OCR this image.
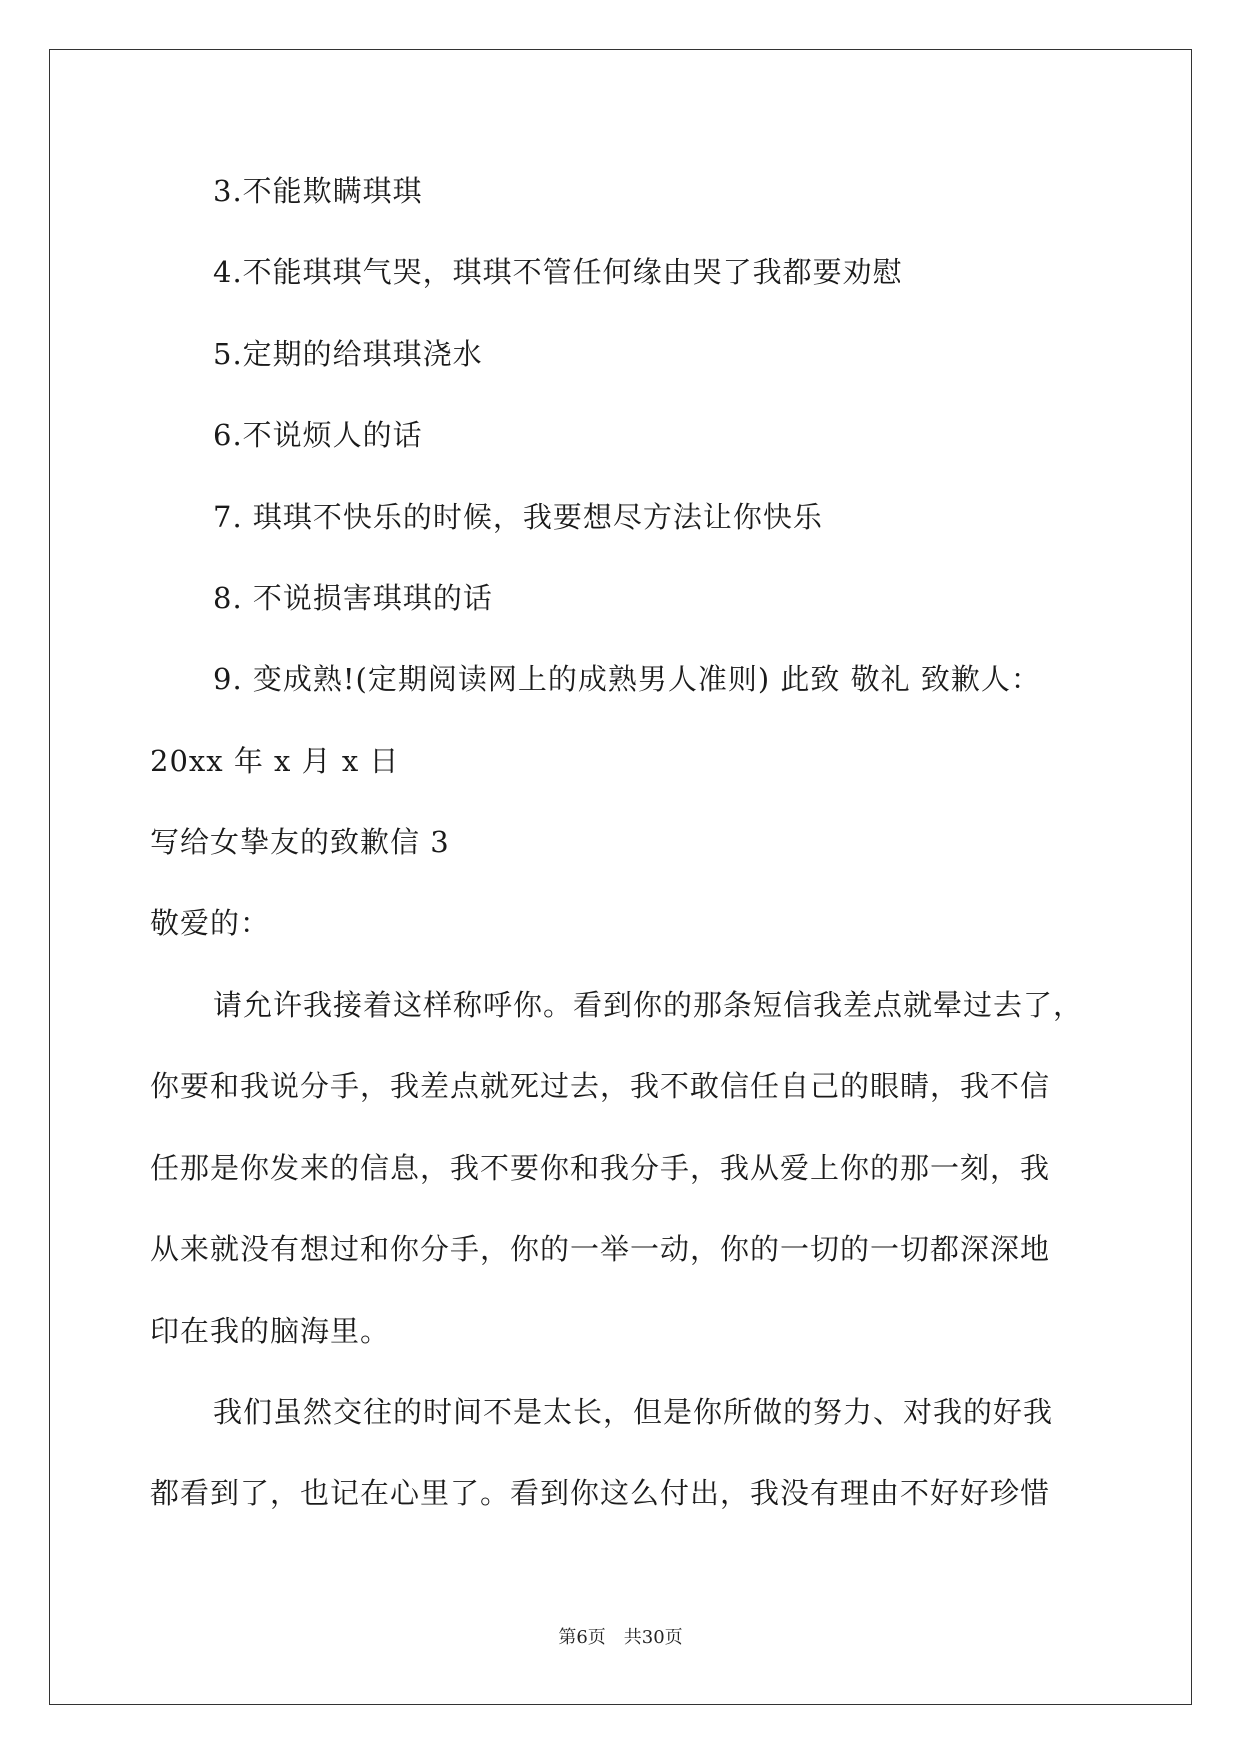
3.不能欺瞒琪琪
4.不能琪琪气哭，琪琪不管任何缘由哭了我都要劝慰
5.定期的给琪琪浇水
6.不说烦人的话
7. 琪琪不快乐的时候，我要想尽方法让你快乐
8. 不说损害琪琪的话
9. 变成熟!(定期阅读网上的成熟男人准则) 此致 敬礼 致歉人：
20xx 年 x 月 x 日
写给女挚友的致歉信 3
敬爱的：
请允许我接着这样称呼你。看到你的那条短信我差点就晕过去了，
你要和我说分手，我差点就死过去，我不敢信任自己的眼睛，我不信
任那是你发来的信息，我不要你和我分手，我从爱上你的那一刻，我
从来就没有想过和你分手，你的一举一动，你的一切的一切都深深地
印在我的脑海里。
我们虽然交往的时间不是太长，但是你所做的努力、对我的好我
都看到了，也记在心里了。看到你这么付出，我没有理由不好好珍惜
第6页　共30页
